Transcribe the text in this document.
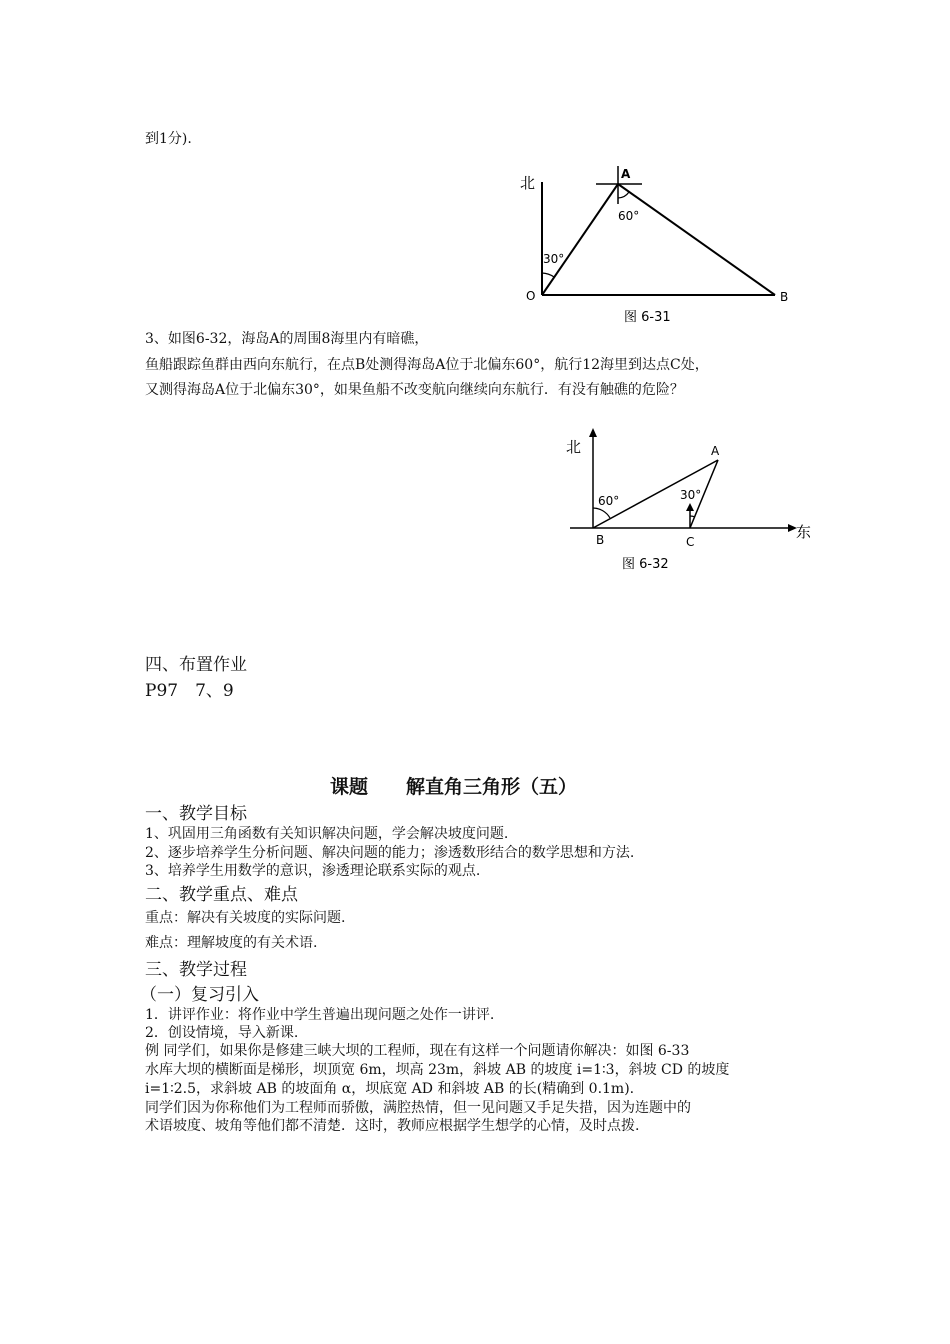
到1分).
北	A
60°
30°
O	B
图 6-31
3、如图6-32，海岛A的周围8海里内有暗礁，
鱼船跟踪鱼群由西向东航行，在点B处测得海岛A位于北偏东60°，航行12海里到达点C处，
又测得海岛A位于北偏东30°，如果鱼船不改变航向继续向东航行．有没有触礁的危险？
北	A
60°	30°
B	C
东
图 6-32
四、布置作业
P97　7、9
课题　　解直角三角形（五）
一、教学目标
1、巩固用三角函数有关知识解决问题，学会解决坡度问题.
2、逐步培养学生分析问题、解决问题的能力；渗透数形结合的数学思想和方法.
3、培养学生用数学的意识，渗透理论联系实际的观点.
二、教学重点、难点
重点：解决有关坡度的实际问题.
难点：理解坡度的有关术语.
三、教学过程
（一）复习引入
1．讲评作业：将作业中学生普遍出现问题之处作一讲评.
2．创设情境，导入新课.
例 同学们，如果你是修建三峡大坝的工程师，现在有这样一个问题请你解决：如图 6-33
水库大坝的横断面是梯形，坝顶宽 6m，坝高 23m，斜坡 AB 的坡度 i=1∶3，斜坡 CD 的坡度
i=1∶2.5，求斜坡 AB 的坡面角 α，坝底宽 AD 和斜坡 AB 的长(精确到 0.1m).
同学们因为你称他们为工程师而骄傲，满腔热情，但一见问题又手足失措，因为连题中的
术语坡度、坡角等他们都不清楚．这时，教师应根据学生想学的心情，及时点拨.
